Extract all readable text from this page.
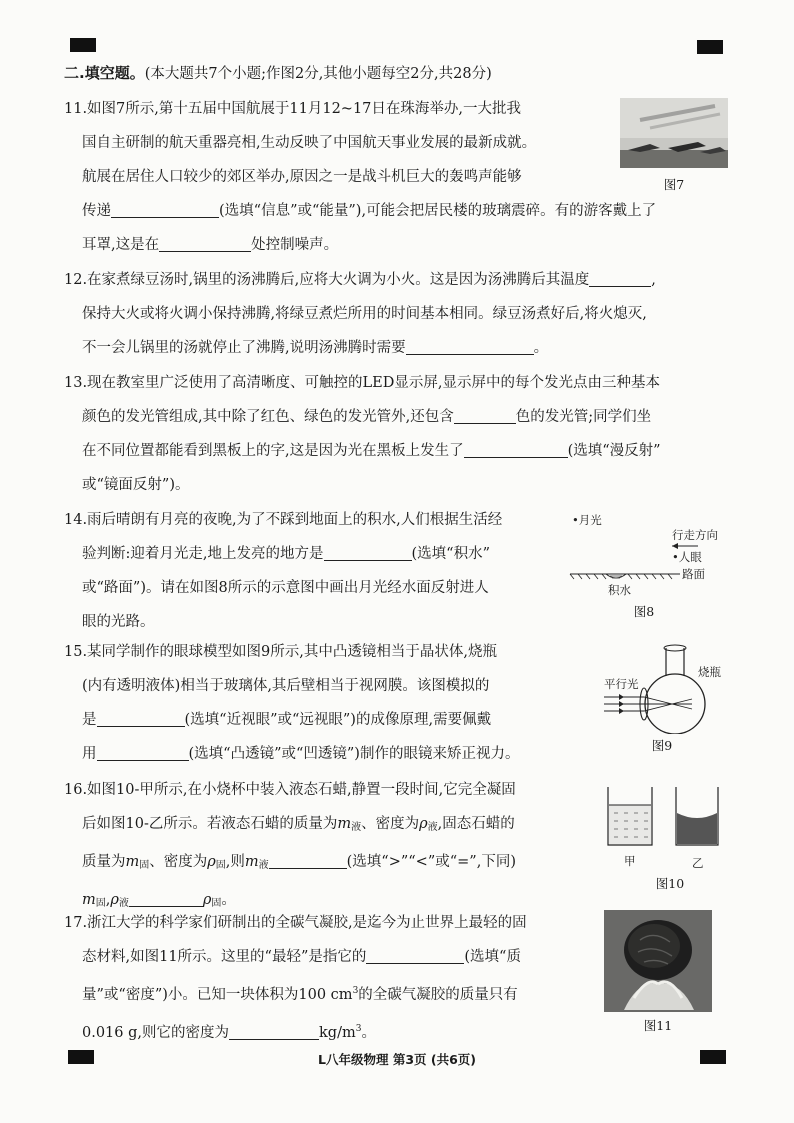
二.填空题。(本大题共7个小题;作图2分,其他小题每空2分,共28分)
11.如图7所示,第十五届中国航展于11月12~17日在珠海举办,一大批我
国自主研制的航天重器亮相,生动反映了中国航天事业发展的最新成就。
航展在居住人口较少的郊区举办,原因之一是战斗机巨大的轰鸣声能够
传递	(选填“信息”或“能量”),可能会把居民楼的玻璃震碎。有的游客戴上了
耳罩,这是在	处控制噪声。
图7
12.在家煮绿豆汤时,锅里的汤沸腾后,应将大火调为小火。这是因为汤沸腾后其温度	,
保持大火或将火调小保持沸腾,将绿豆煮烂所用的时间基本相同。绿豆汤煮好后,将火熄灭,
不一会儿锅里的汤就停止了沸腾,说明汤沸腾时需要	。
13.现在教室里广泛使用了高清晰度、可触控的LED显示屏,显示屏中的每个发光点由三种基本
颜色的发光管组成,其中除了红色、绿色的发光管外,还包含	色的发光管;同学们坐
在不同位置都能看到黑板上的字,这是因为光在黑板上发生了	(选填“漫反射”
或“镜面反射”)。
14.雨后晴朗有月亮的夜晚,为了不踩到地面上的积水,人们根据生活经
验判断:迎着月光走,地上发亮的地方是	(选填“积水”
或“路面”)。请在如图8所示的示意图中画出月光经水面反射进人
眼的光路。
•月光
行走方向
•人眼
路面
积水
图8
15.某同学制作的眼球模型如图9所示,其中凸透镜相当于晶状体,烧瓶
(内有透明液体)相当于玻璃体,其后壁相当于视网膜。该图模拟的
是	(选填“近视眼”或“远视眼”)的成像原理,需要佩戴
用	(选填“凸透镜”或“凹透镜”)制作的眼镜来矫正视力。
烧瓶
平行光
图9
16.如图10-甲所示,在小烧杯中装入液态石蜡,静置一段时间,它完全凝固
后如图10-乙所示。若液态石蜡的质量为$m_液$、密度为$\rho_液$,固态石蜡的
质量为$m_固$、密度为$\rho_固$,则$m_液$	(选填“>”“<”或“=”,下同)
$m_固,\rho_液$	$\rho_固$。
甲	乙
图10
17.浙江大学的科学家们研制出的全碳气凝胶,是迄今为止世界上最轻的固
态材料,如图11所示。这里的“最轻”是指它的	(选填“质
量”或“密度”)小。已知一块体积为100 $cm^3$的全碳气凝胶的质量只有
0.016 g,则它的密度为	$kg/m^3$。	图11
L八年级物理 第3页 (共6页)
